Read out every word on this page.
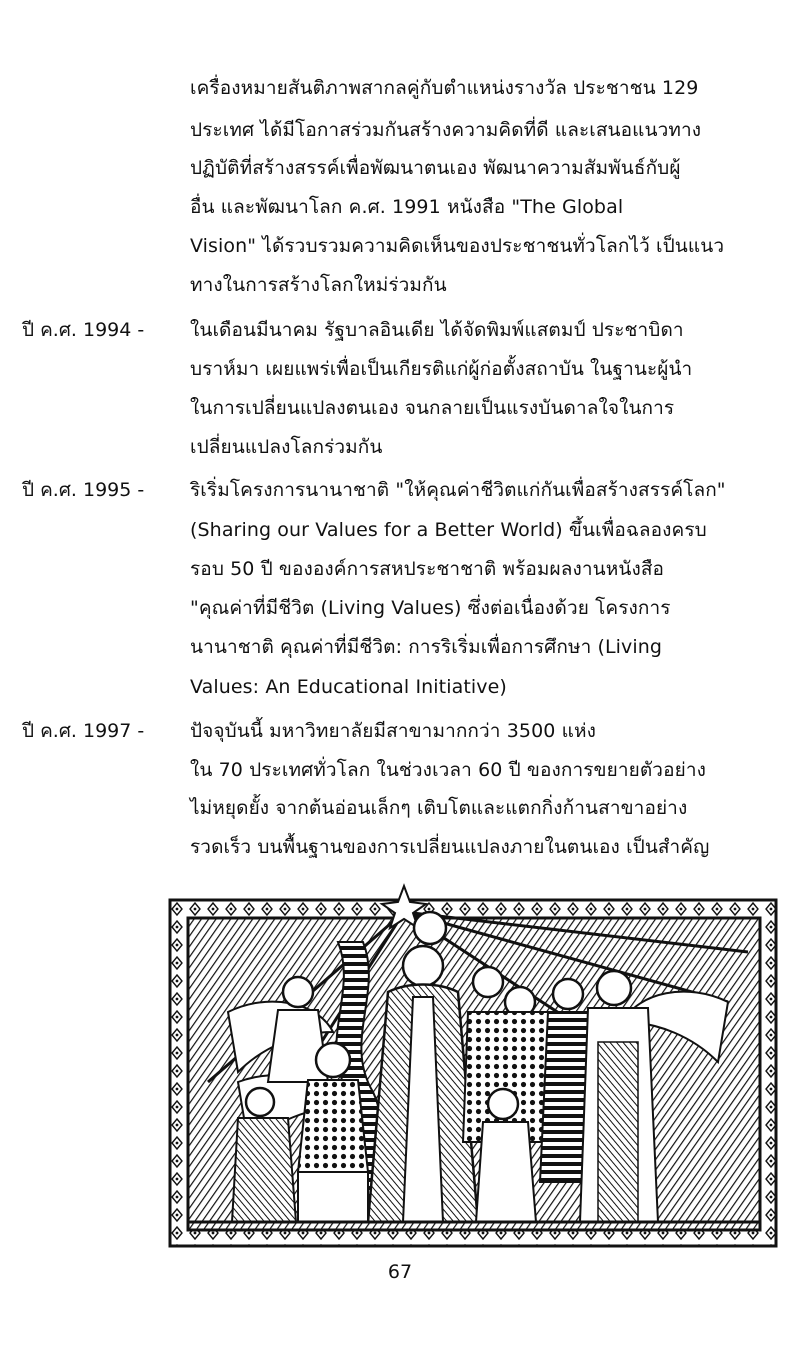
เครื่องหมายสันติภาพสากลคู่กับตำแหน่งรางวัล ประชาชน 129
ประเทศ ได้มีโอกาสร่วมกันสร้างความคิดที่ดี และเสนอแนวทาง
ปฏิบัติที่สร้างสรรค์เพื่อพัฒนาตนเอง พัฒนาความสัมพันธ์กับผู้
อื่น และพัฒนาโลก ค.ศ. 1991 หนังสือ "The Global
Vision" ได้รวบรวมความคิดเห็นของประชาชนทั่วโลกไว้ เป็นแนว
ทางในการสร้างโลกใหม่ร่วมกัน
ปี ค.ศ. 1994 - ในเดือนมีนาคม รัฐบาลอินเดีย ได้จัดพิมพ์แสตมป์ ประชาบิดา
บราห์มา เผยแพร่เพื่อเป็นเกียรติแก่ผู้ก่อตั้งสถาบัน ในฐานะผู้นำ
ในการเปลี่ยนแปลงตนเอง จนกลายเป็นแรงบันดาลใจในการ
เปลี่ยนแปลงโลกร่วมกัน
ปี ค.ศ. 1995 - ริเริ่มโครงการนานาชาติ "ให้คุณค่าชีวิตแก่กันเพื่อสร้างสรรค์โลก"
(Sharing our Values for a Better World) ขึ้นเพื่อฉลองครบ
รอบ 50 ปี ขององค์การสหประชาชาติ พร้อมผลงานหนังสือ
"คุณค่าที่มีชีวิต (Living Values) ซึ่งต่อเนื่องด้วย โครงการ
นานาชาติ คุณค่าที่มีชีวิต: การริเริ่มเพื่อการศึกษา (Living
Values: An Educational Initiative)
ปี ค.ศ. 1997 - ปัจจุบันนี้ มหาวิทยาลัยมีสาขามากกว่า 3500 แห่ง
ใน 70 ประเทศทั่วโลก ในช่วงเวลา 60 ปี ของการขยายตัวอย่าง
ไม่หยุดยั้ง จากต้นอ่อนเล็กๆ เติบโตและแตกกิ่งก้านสาขาอย่าง
รวดเร็ว บนพื้นฐานของการเปลี่ยนแปลงภายในตนเอง เป็นสำคัญ
67
